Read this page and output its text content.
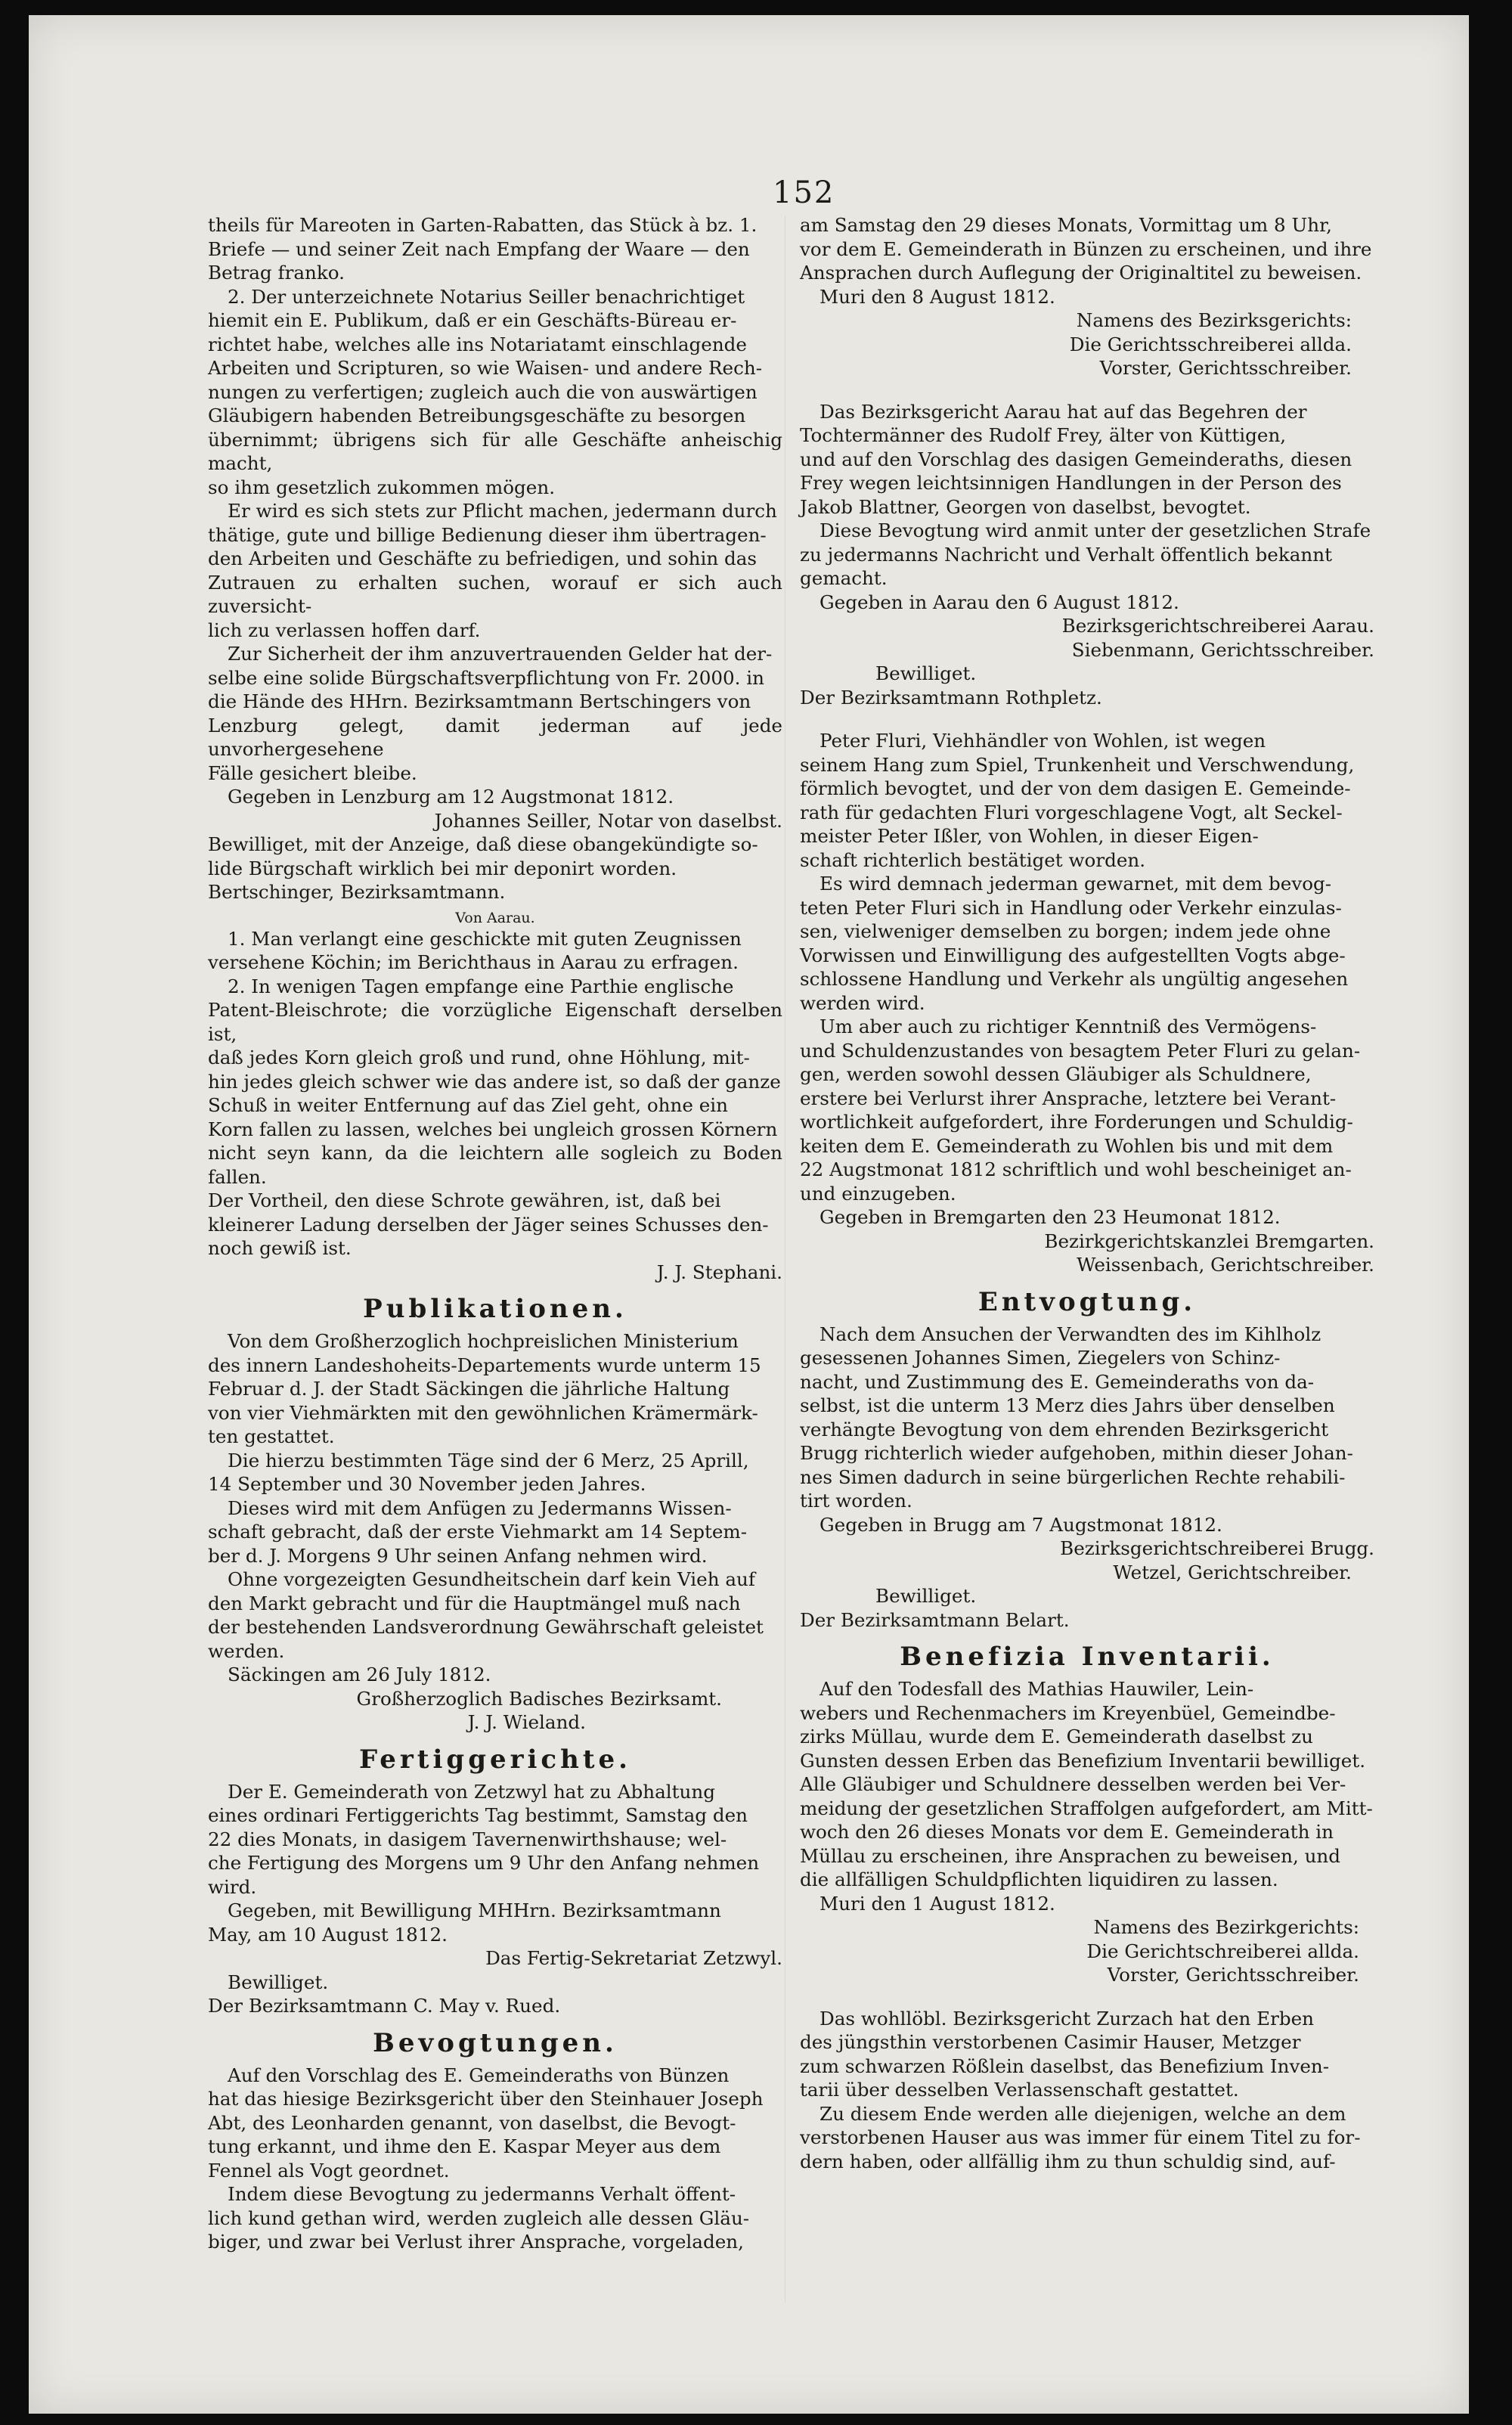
152

theils für Mareoten in Garten-Rabatten, das Stück à bz. 1.

Briefe — und seiner Zeit nach Empfang der Waare — den

Betrag franko.

2. Der unterzeichnete Notarius Seiller benachrichtiget

hiemit ein E. Publikum, daß er ein Geschäfts-Büreau er-

richtet habe, welches alle ins Notariatamt einschlagende

Arbeiten und Scripturen, so wie Waisen- und andere Rech-

nungen zu verfertigen; zugleich auch die von auswärtigen

Gläubigern habenden Betreibungsgeschäfte zu besorgen

übernimmt; übrigens sich für alle Geschäfte anheischig macht,

so ihm gesetzlich zukommen mögen.

Er wird es sich stets zur Pflicht machen, jedermann durch

thätige, gute und billige Bedienung dieser ihm übertragen-

den Arbeiten und Geschäfte zu befriedigen, und sohin das

Zutrauen zu erhalten suchen, worauf er sich auch zuversicht-

lich zu verlassen hoffen darf.

Zur Sicherheit der ihm anzuvertrauenden Gelder hat der-

selbe eine solide Bürgschaftsverpflichtung von Fr. 2000. in

die Hände des HHrn. Bezirksamtmann Bertschingers von

Lenzburg gelegt, damit jederman auf jede unvorhergesehene

Fälle gesichert bleibe.

Gegeben in Lenzburg am 12 Augstmonat 1812.

Johannes Seiller, Notar von daselbst.

Bewilliget, mit der Anzeige, daß diese obangekündigte so-

lide Bürgschaft wirklich bei mir deponirt worden.

Bertschinger, Bezirksamtmann.

Von Aarau.

1. Man verlangt eine geschickte mit guten Zeugnissen

versehene Köchin; im Berichthaus in Aarau zu erfragen.

2. In wenigen Tagen empfange eine Parthie englische

Patent-Bleischrote; die vorzügliche Eigenschaft derselben ist,

daß jedes Korn gleich groß und rund, ohne Höhlung, mit-

hin jedes gleich schwer wie das andere ist, so daß der ganze

Schuß in weiter Entfernung auf das Ziel geht, ohne ein

Korn fallen zu lassen, welches bei ungleich grossen Körnern

nicht seyn kann, da die leichtern alle sogleich zu Boden fallen.

Der Vortheil, den diese Schrote gewähren, ist, daß bei

kleinerer Ladung derselben der Jäger seines Schusses den-

noch gewiß ist.

J. J. Stephani.

Publikationen.

Von dem Großherzoglich hochpreislichen Ministerium

des innern Landeshoheits-Departements wurde unterm 15

Februar d. J. der Stadt Säckingen die jährliche Haltung

von vier Viehmärkten mit den gewöhnlichen Krämermärk-

ten gestattet.

Die hierzu bestimmten Täge sind der 6 Merz, 25 Aprill,

14 September und 30 November jeden Jahres.

Dieses wird mit dem Anfügen zu Jedermanns Wissen-

schaft gebracht, daß der erste Viehmarkt am 14 Septem-

ber d. J. Morgens 9 Uhr seinen Anfang nehmen wird.

Ohne vorgezeigten Gesundheitschein darf kein Vieh auf

den Markt gebracht und für die Hauptmängel muß nach

der bestehenden Landsverordnung Gewährschaft geleistet

werden.

Säckingen am 26 July 1812.

Großherzoglich Badisches Bezirksamt.

J. J. Wieland.

Fertiggerichte.

Der E. Gemeinderath von Zetzwyl hat zu Abhaltung

eines ordinari Fertiggerichts Tag bestimmt, Samstag den

22 dies Monats, in dasigem Tavernenwirthshause; wel-

che Fertigung des Morgens um 9 Uhr den Anfang nehmen

wird.

Gegeben, mit Bewilligung MHHrn. Bezirksamtmann

May, am 10 August 1812.

Das Fertig-Sekretariat Zetzwyl.

Bewilliget.

Der Bezirksamtmann C. May v. Rued.

Bevogtungen.

Auf den Vorschlag des E. Gemeinderaths von Bünzen

hat das hiesige Bezirksgericht über den Steinhauer Joseph

Abt, des Leonharden genannt, von daselbst, die Bevogt-

tung erkannt, und ihme den E. Kaspar Meyer aus dem

Fennel als Vogt geordnet.

Indem diese Bevogtung zu jedermanns Verhalt öffent-

lich kund gethan wird, werden zugleich alle dessen Gläu-

biger, und zwar bei Verlust ihrer Ansprache, vorgeladen,

am Samstag den 29 dieses Monats, Vormittag um 8 Uhr,

vor dem E. Gemeinderath in Bünzen zu erscheinen, und ihre

Ansprachen durch Auflegung der Originaltitel zu beweisen.

Muri den 8 August 1812.

Namens des Bezirksgerichts:

Die Gerichtsschreiberei allda.

Vorster, Gerichtsschreiber.

Das Bezirksgericht Aarau hat auf das Begehren der

Tochtermänner des Rudolf Frey, älter von Küttigen,

und auf den Vorschlag des dasigen Gemeinderaths, diesen

Frey wegen leichtsinnigen Handlungen in der Person des

Jakob Blattner, Georgen von daselbst, bevogtet.

Diese Bevogtung wird anmit unter der gesetzlichen Strafe

zu jedermanns Nachricht und Verhalt öffentlich bekannt

gemacht.

Gegeben in Aarau den 6 August 1812.

Bezirksgerichtschreiberei Aarau.

Siebenmann, Gerichtsschreiber.

Bewilliget.

Der Bezirksamtmann Rothpletz.

Peter Fluri, Viehhändler von Wohlen, ist wegen

seinem Hang zum Spiel, Trunkenheit und Verschwendung,

förmlich bevogtet, und der von dem dasigen E. Gemeinde-

rath für gedachten Fluri vorgeschlagene Vogt, alt Seckel-

meister Peter Ißler, von Wohlen, in dieser Eigen-

schaft richterlich bestätiget worden.

Es wird demnach jederman gewarnet, mit dem bevog-

teten Peter Fluri sich in Handlung oder Verkehr einzulas-

sen, vielweniger demselben zu borgen; indem jede ohne

Vorwissen und Einwilligung des aufgestellten Vogts abge-

schlossene Handlung und Verkehr als ungültig angesehen

werden wird.

Um aber auch zu richtiger Kenntniß des Vermögens-

und Schuldenzustandes von besagtem Peter Fluri zu gelan-

gen, werden sowohl dessen Gläubiger als Schuldnere,

erstere bei Verlurst ihrer Ansprache, letztere bei Verant-

wortlichkeit aufgefordert, ihre Forderungen und Schuldig-

keiten dem E. Gemeinderath zu Wohlen bis und mit dem

22 Augstmonat 1812 schriftlich und wohl bescheiniget an-

und einzugeben.

Gegeben in Bremgarten den 23 Heumonat 1812.

Bezirkgerichtskanzlei Bremgarten.

Weissenbach, Gerichtschreiber.

Entvogtung.

Nach dem Ansuchen der Verwandten des im Kihlholz

gesessenen Johannes Simen, Ziegelers von Schinz-

nacht, und Zustimmung des E. Gemeinderaths von da-

selbst, ist die unterm 13 Merz dies Jahrs über denselben

verhängte Bevogtung von dem ehrenden Bezirksgericht

Brugg richterlich wieder aufgehoben, mithin dieser Johan-

nes Simen dadurch in seine bürgerlichen Rechte rehabili-

tirt worden.

Gegeben in Brugg am 7 Augstmonat 1812.

Bezirksgerichtschreiberei Brugg.

Wetzel, Gerichtschreiber.

Bewilliget.

Der Bezirksamtmann Belart.

Benefizia Inventarii.

Auf den Todesfall des Mathias Hauwiler, Lein-

webers und Rechenmachers im Kreyenbüel, Gemeindbe-

zirks Müllau, wurde dem E. Gemeinderath daselbst zu

Gunsten dessen Erben das Benefizium Inventarii bewilliget.

Alle Gläubiger und Schuldnere desselben werden bei Ver-

meidung der gesetzlichen Straffolgen aufgefordert, am Mitt-

woch den 26 dieses Monats vor dem E. Gemeinderath in

Müllau zu erscheinen, ihre Ansprachen zu beweisen, und

die allfälligen Schuldpflichten liquidiren zu lassen.

Muri den 1 August 1812.

Namens des Bezirkgerichts:

Die Gerichtschreiberei allda.

Vorster, Gerichtsschreiber.

Das wohllöbl. Bezirksgericht Zurzach hat den Erben

des jüngsthin verstorbenen Casimir Hauser, Metzger

zum schwarzen Rößlein daselbst, das Benefizium Inven-

tarii über desselben Verlassenschaft gestattet.

Zu diesem Ende werden alle diejenigen, welche an dem

verstorbenen Hauser aus was immer für einem Titel zu for-

dern haben, oder allfällig ihm zu thun schuldig sind, auf-
